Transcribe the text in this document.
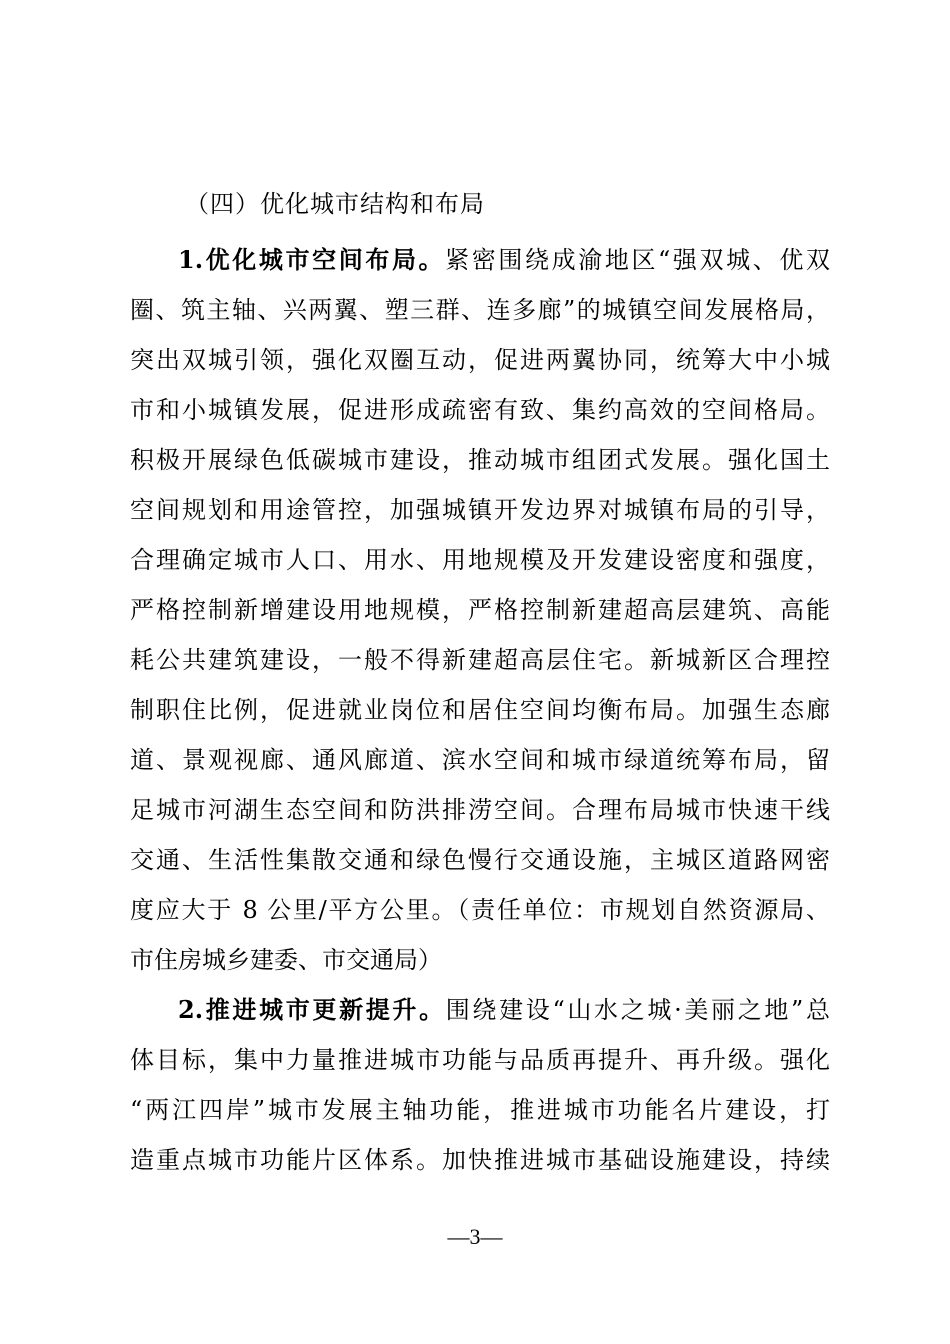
（四）优化城市结构和布局
1.优化城市空间布局。紧密围绕成渝地区“强双城、优双
圈、筑主轴、兴两翼、塑三群、连多廊”的城镇空间发展格局，
突出双城引领，强化双圈互动，促进两翼协同，统筹大中小城
市和小城镇发展，促进形成疏密有致、集约高效的空间格局。
积极开展绿色低碳城市建设，推动城市组团式发展。强化国土
空间规划和用途管控，加强城镇开发边界对城镇布局的引导，
合理确定城市人口、用水、用地规模及开发建设密度和强度，
严格控制新增建设用地规模，严格控制新建超高层建筑、高能
耗公共建筑建设，一般不得新建超高层住宅。新城新区合理控
制职住比例，促进就业岗位和居住空间均衡布局。加强生态廊
道、景观视廊、通风廊道、滨水空间和城市绿道统筹布局，留
足城市河湖生态空间和防洪排涝空间。合理布局城市快速干线
交通、生活性集散交通和绿色慢行交通设施，主城区道路网密
度应大于 8 公里/平方公里。（责任单位：市规划自然资源局、
市住房城乡建委、市交通局）
2.推进城市更新提升。围绕建设“山水之城·美丽之地”总
体目标，集中力量推进城市功能与品质再提升、再升级。强化
“两江四岸”城市发展主轴功能，推进城市功能名片建设，打
造重点城市功能片区体系。加快推进城市基础设施建设，持续
—3—
